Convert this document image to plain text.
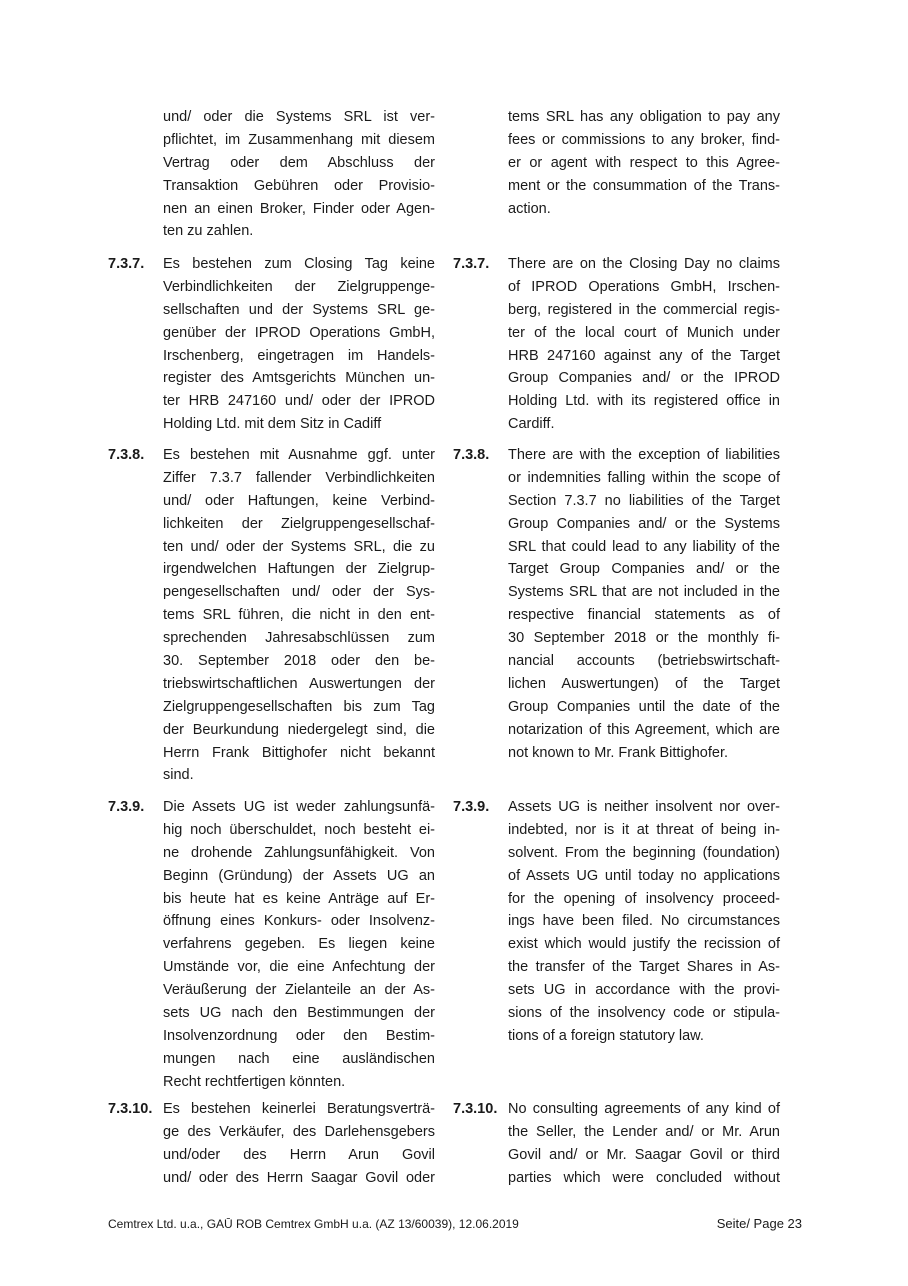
und/ oder die Systems SRL ist ver-
pflichtet, im Zusammenhang mit diesem
Vertrag oder dem Abschluss der
Transaktion Gebühren oder Provisio-
nen an einen Broker, Finder oder Agen-
ten zu zahlen.
tems SRL has any obligation to pay any
fees or commissions to any broker, find-
er or agent with respect to this Agree-
ment or the consummation of the Trans-
action.
7.3.7. Es bestehen zum Closing Tag keine
Verbindlichkeiten der Zielgruppenge-
sellschaften und der Systems SRL ge-
genüber der IPROD Operations GmbH,
Irschenberg, eingetragen im Handels-
register des Amtsgerichts München un-
ter HRB 247160 und/ oder der IPROD
Holding Ltd. mit dem Sitz in Cadiff
7.3.7. There are on the Closing Day no claims
of IPROD Operations GmbH, Irschen-
berg, registered in the commercial regis-
ter of the local court of Munich under
HRB 247160 against any of the Target
Group Companies and/ or the IPROD
Holding Ltd. with its registered office in
Cardiff.
7.3.8. Es bestehen mit Ausnahme ggf. unter
Ziffer 7.3.7 fallender Verbindlichkeiten
und/ oder Haftungen, keine Verbind-
lichkeiten der Zielgruppengesellschaf-
ten und/ oder der Systems SRL, die zu
irgendwelchen Haftungen der Zielgrup-
pengesellschaften und/ oder der Sys-
tems SRL führen, die nicht in den ent-
sprechenden Jahresabschlüssen zum
30. September 2018 oder den be-
triebswirtschaftlichen Auswertungen der
Zielgruppengesellschaften bis zum Tag
der Beurkundung niedergelegt sind, die
Herrn Frank Bittighofer nicht bekannt
sind.
7.3.8. There are with the exception of liabilities
or indemnities falling within the scope of
Section 7.3.7 no liabilities of the Target
Group Companies and/ or the Systems
SRL that could lead to any liability of the
Target Group Companies and/ or the
Systems SRL that are not included in the
respective financial statements as of
30 September 2018 or the monthly fi-
nancial accounts (betriebswirtschaft-
lichen Auswertungen) of the Target
Group Companies until the date of the
notarization of this Agreement, which are
not known to Mr. Frank Bittighofer.
7.3.9. Die Assets UG ist weder zahlungsunfä-
hig noch überschuldet, noch besteht ei-
ne drohende Zahlungsunfähigkeit. Von
Beginn (Gründung) der Assets UG an
bis heute hat es keine Anträge auf Er-
öffnung eines Konkurs- oder Insolvenz-
verfahrens gegeben. Es liegen keine
Umstände vor, die eine Anfechtung der
Veräußerung der Zielanteile an der As-
sets UG nach den Bestimmungen der
Insolvenzordnung oder den Bestim-
mungen nach eine ausländischen
Recht rechtfertigen könnten.
7.3.9. Assets UG is neither insolvent nor over-
indebted, nor is it at threat of being in-
solvent. From the beginning (foundation)
of Assets UG until today no applications
for the opening of insolvency proceed-
ings have been filed. No circumstances
exist which would justify the recission of
the transfer of the Target Shares in As-
sets UG in accordance with the provi-
sions of the insolvency code or stipula-
tions of a foreign statutory law.
7.3.10. Es bestehen keinerlei Beratungsverträ-
ge des Verkäufer, des Darlehensgebers
und/oder des Herrn Arun Govil
und/ oder des Herrn Saagar Govil oder
7.3.10. No consulting agreements of any kind of
the Seller, the Lender and/ or Mr. Arun
Govil and/ or Mr. Saagar Govil or third
parties which were concluded without
Cemtrex Ltd. u.a., GAŪ ROB Cemtrex GmbH u.a. (AZ 13/60039), 12.06.2019	Seite/ Page 23
